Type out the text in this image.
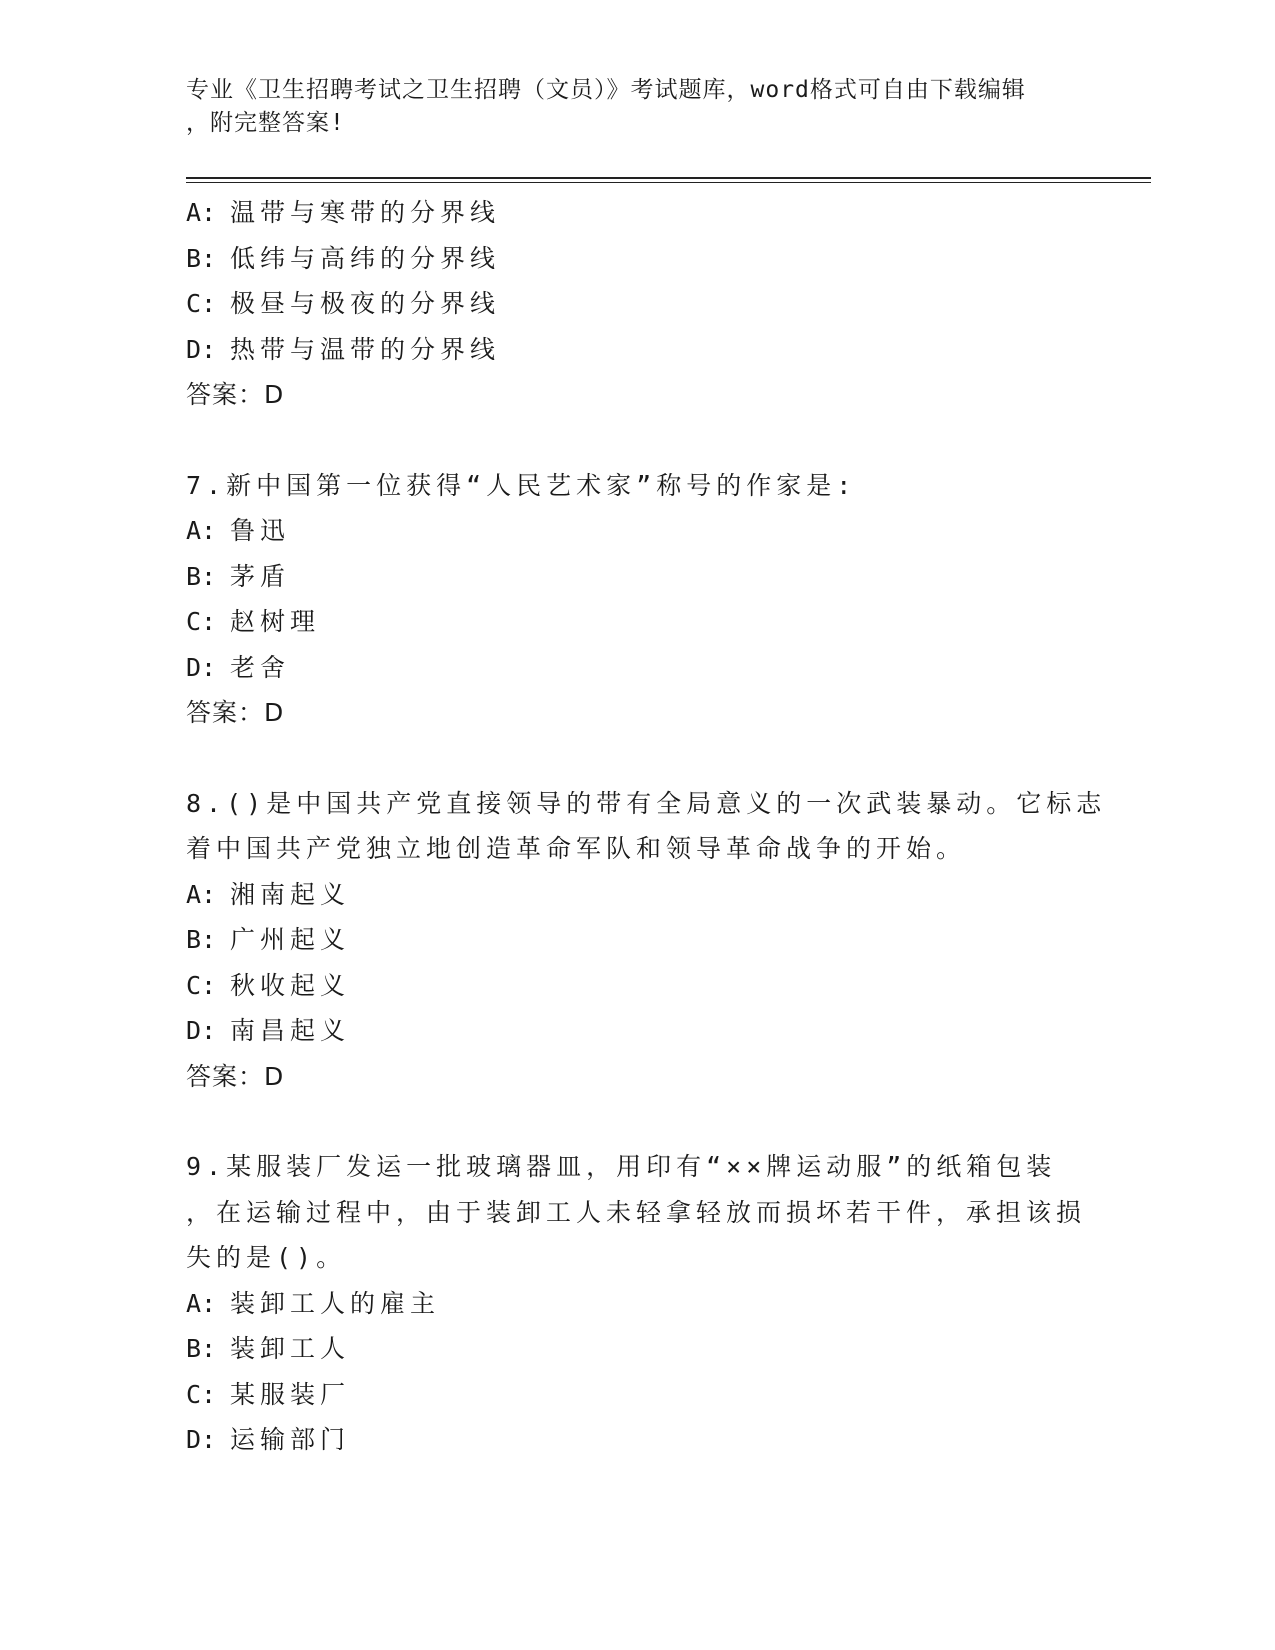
专业《卫生招聘考试之卫生招聘（文员）》考试题库，word格式可自由下载编辑
，附完整答案!
A: 温带与寒带的分界线
B: 低纬与高纬的分界线
C: 极昼与极夜的分界线
D: 热带与温带的分界线
答案：D
7.新中国第一位获得“人民艺术家”称号的作家是:
A: 鲁迅
B: 茅盾
C: 赵树理
D: 老舍
答案：D
8.()是中国共产党直接领导的带有全局意义的一次武装暴动。它标志
着中国共产党独立地创造革命军队和领导革命战争的开始。
A: 湘南起义
B: 广州起义
C: 秋收起义
D: 南昌起义
答案：D
9.某服装厂发运一批玻璃器皿，用印有“××牌运动服”的纸箱包装
，在运输过程中，由于装卸工人未轻拿轻放而损坏若干件，承担该损
失的是()。
A: 装卸工人的雇主
B: 装卸工人
C: 某服装厂
D: 运输部门
